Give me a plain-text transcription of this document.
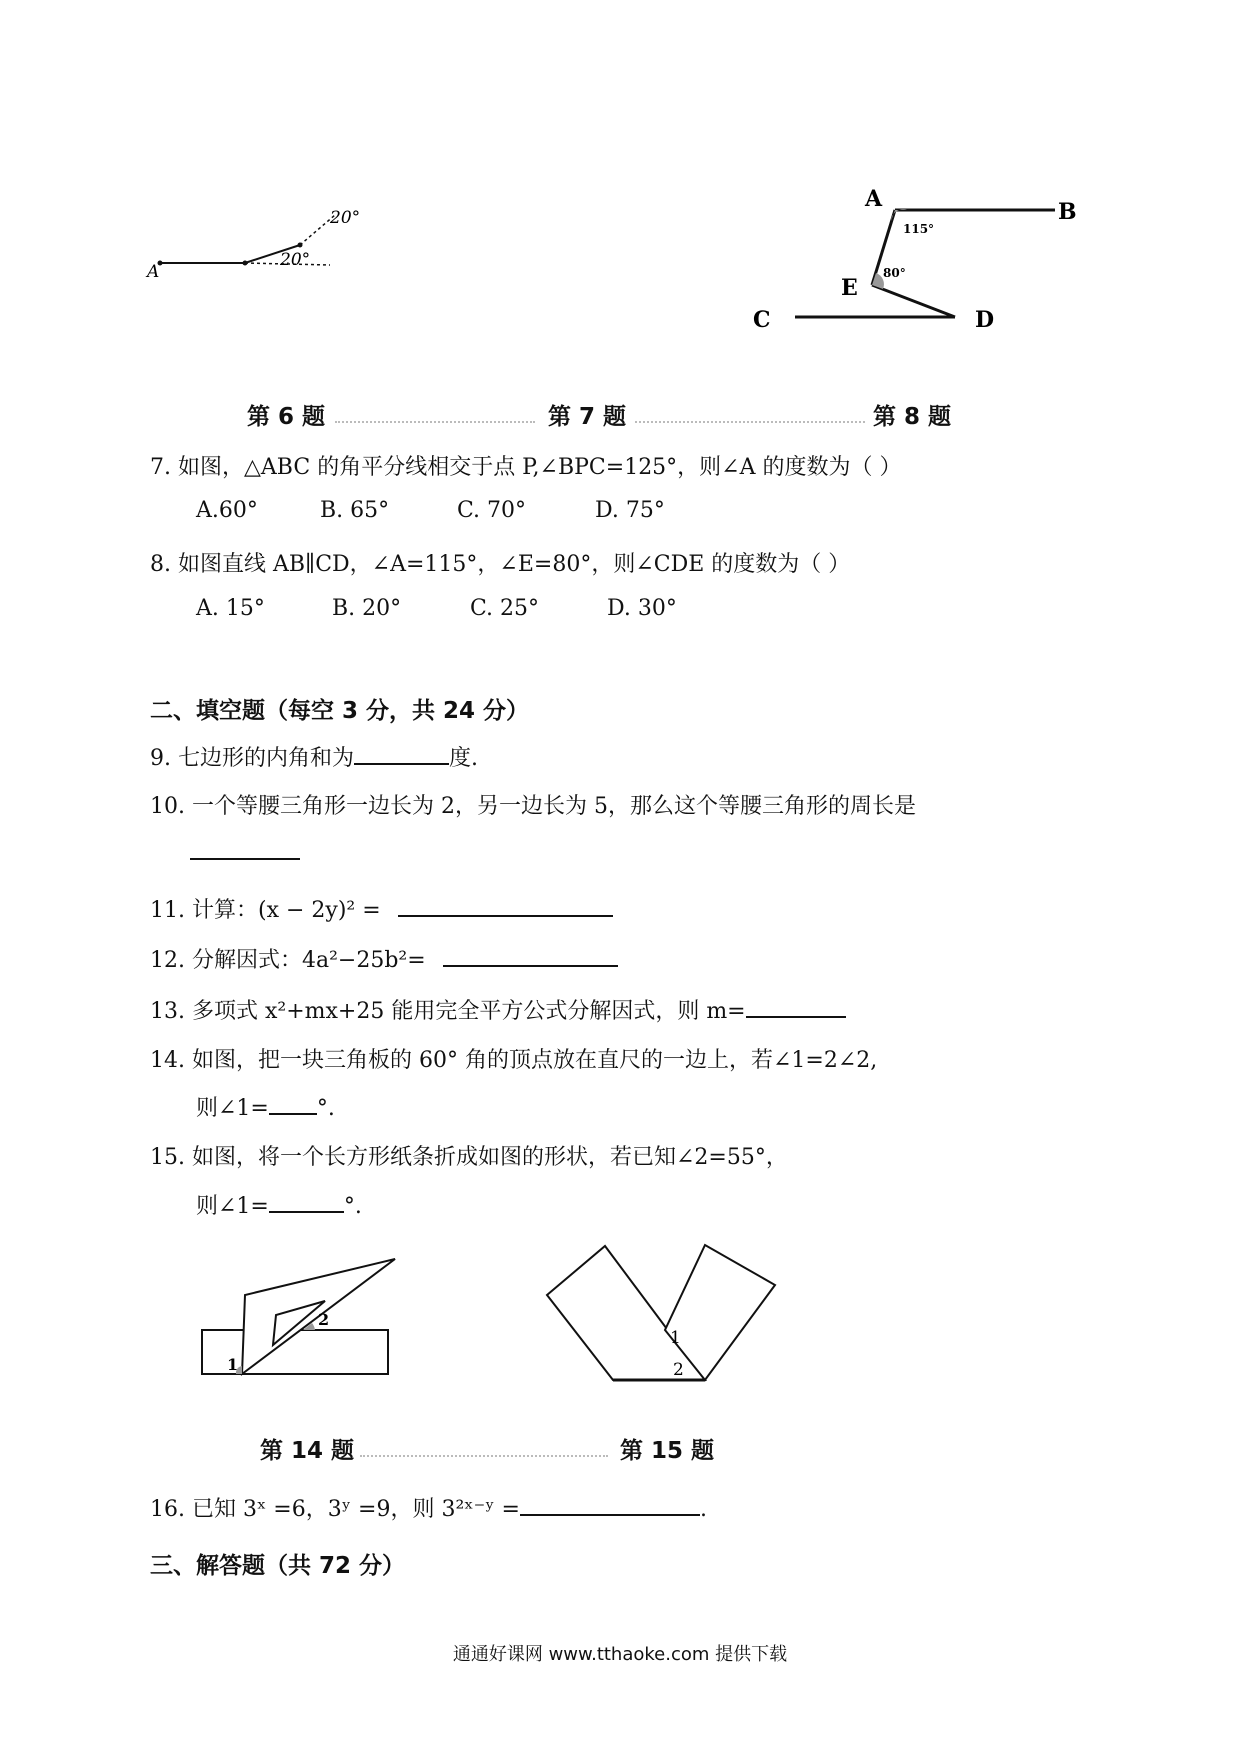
A
20°
20°
A	B
C	D
E
115°
80°
第 6 题	第 7 题	第 8 题
7. 如图，△ABC 的角平分线相交于点 P,∠BPC=125°，则∠A 的度数为（ ）
A.60°	B. 65°	C. 70°	D. 75°
8. 如图直线 AB∥CD，∠A=115°，∠E=80°，则∠CDE 的度数为（ ）
A. 15°	B. 20°	C. 25°	D. 30°
二、填空题（每空 3 分，共 24 分）
9. 七边形的内角和为	度.
10. 一个等腰三角形一边长为 2，另一边长为 5，那么这个等腰三角形的周长是
11. 计算：(x − 2y)² =
12. 分解因式：4a²−25b²=
13. 多项式 x²+mx+25 能用完全平方公式分解因式，则 m=
14. 如图，把一块三角板的 60° 角的顶点放在直尺的一边上，若∠1=2∠2,
则∠1= °.
15. 如图，将一个长方形纸条折成如图的形状，若已知∠2=55°，
则∠1=	°.
1
2
1
2
第 14 题	第 15 题
16. 已知 3ˣ =6，3ʸ =9，则 3²ˣ⁻ʸ =	.
三、解答题（共 72 分）
通通好课网 www.tthaoke.com 提供下载
